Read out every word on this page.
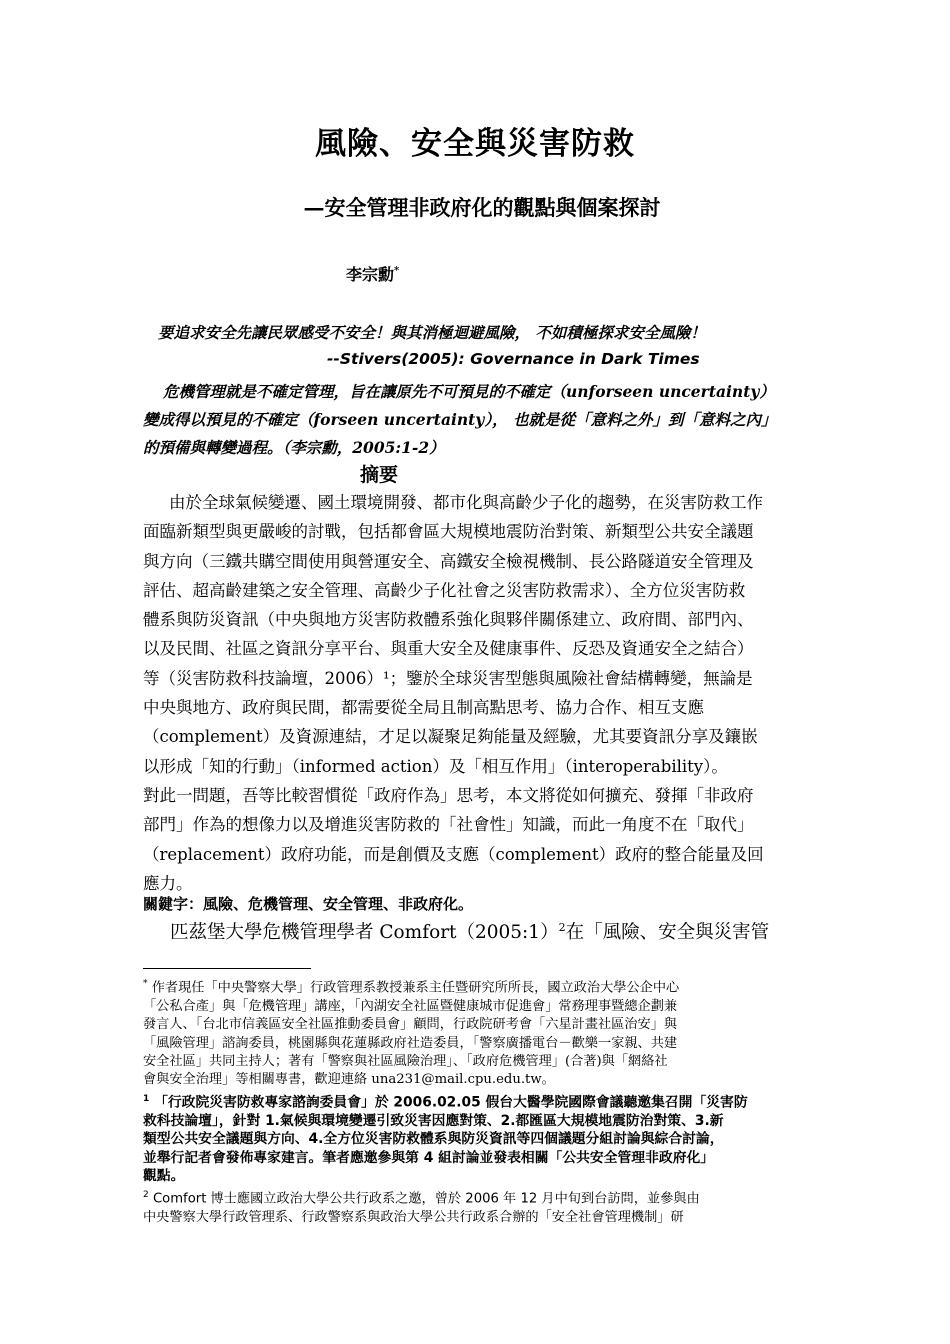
風險、安全與災害防救
—安全管理非政府化的觀點與個案探討
李宗勳*
要追求安全先讓民眾感受不安全！與其消極迴避風險， 不如積極探求安全風險！
--Stivers(2005): Governance in Dark Times
危機管理就是不確定管理，旨在讓原先不可預見的不確定（unforseen uncertainty）
變成得以預見的不確定（forseen uncertainty）， 也就是從「意料之外」到「意料之內」
的預備與轉變過程。（李宗勳，2005:1-2）
摘要
由於全球氣候變遷、國土環境開發、都市化與高齡少子化的趨勢，在災害防救工作
面臨新類型與更嚴峻的討戰，包括都會區大規模地震防治對策、新類型公共安全議題
與方向（三鐵共購空間使用與營運安全、高鐵安全檢視機制、長公路隧道安全管理及
評估、超高齡建築之安全管理、高齡少子化社會之災害防救需求）、全方位災害防救
體系與防災資訊（中央與地方災害防救體系強化與夥伴關係建立、政府間、部門內、
以及民間、社區之資訊分享平台、與重大安全及健康事件、反恐及資通安全之結合）
等（災害防救科技論壇，2006）¹；鑒於全球災害型態與風險社會結構轉變，無論是
中央與地方、政府與民間，都需要從全局且制高點思考、協力合作、相互支應
（complement）及資源連結，才足以凝聚足夠能量及經驗，尤其要資訊分享及鑲嵌
以形成「知的行動」（informed action）及「相互作用」（interoperability）。
對此一問題，吾等比較習慣從「政府作為」思考，本文將從如何擴充、發揮「非政府
部門」作為的想像力以及增進災害防救的「社會性」知識，而此一角度不在「取代」
（replacement）政府功能，而是創價及支應（complement）政府的整合能量及回
應力。
關鍵字：風險、危機管理、安全管理、非政府化。
匹茲堡大學危機管理學者 Comfort（2005:1）$^2$在「風險、安全與災害管
* 作者現任「中央警察大學」行政管理系教授兼系主任暨研究所所長，國立政治大學公企中心
「公私合產」與「危機管理」講座，「內湖安全社區暨健康城市促進會」常務理事暨總企劃兼
發言人、「台北市信義區安全社區推動委員會」顧問，行政院研考會「六星計畫社區治安」與
「風險管理」諮詢委員，桃園縣與花蓮縣政府社造委員，「警察廣播電台－歡樂一家親、共建
安全社區」共同主持人；著有「警察與社區風險治理」、「政府危機管理」(合著)與「網絡社
會與安全治理」等相關專書，歡迎連絡 una231@mail.cpu.edu.tw。
$^1$ 「行政院災害防救專家諮詢委員會」於 2006.02.05 假台大醫學院國際會議聽邀集召開「災害防
救科技論壇」，針對 1.氣候與環境變遷引致災害因應對策、2.都匯區大規模地震防治對策、3.新
類型公共安全議題與方向、4.全方位災害防救體系與防災資訊等四個議題分組討論與綜合討論，
並舉行記者會發佈專家建言。筆者應邀參與第 4 組討論並發表相關「公共安全管理非政府化」
觀點。
$^2$ Comfort 博士應國立政治大學公共行政系之邀，曾於 2006 年 12 月中旬到台訪問，並參與由
中央警察大學行政管理系、行政警察系與政治大學公共行政系合辦的「安全社會管理機制」研
